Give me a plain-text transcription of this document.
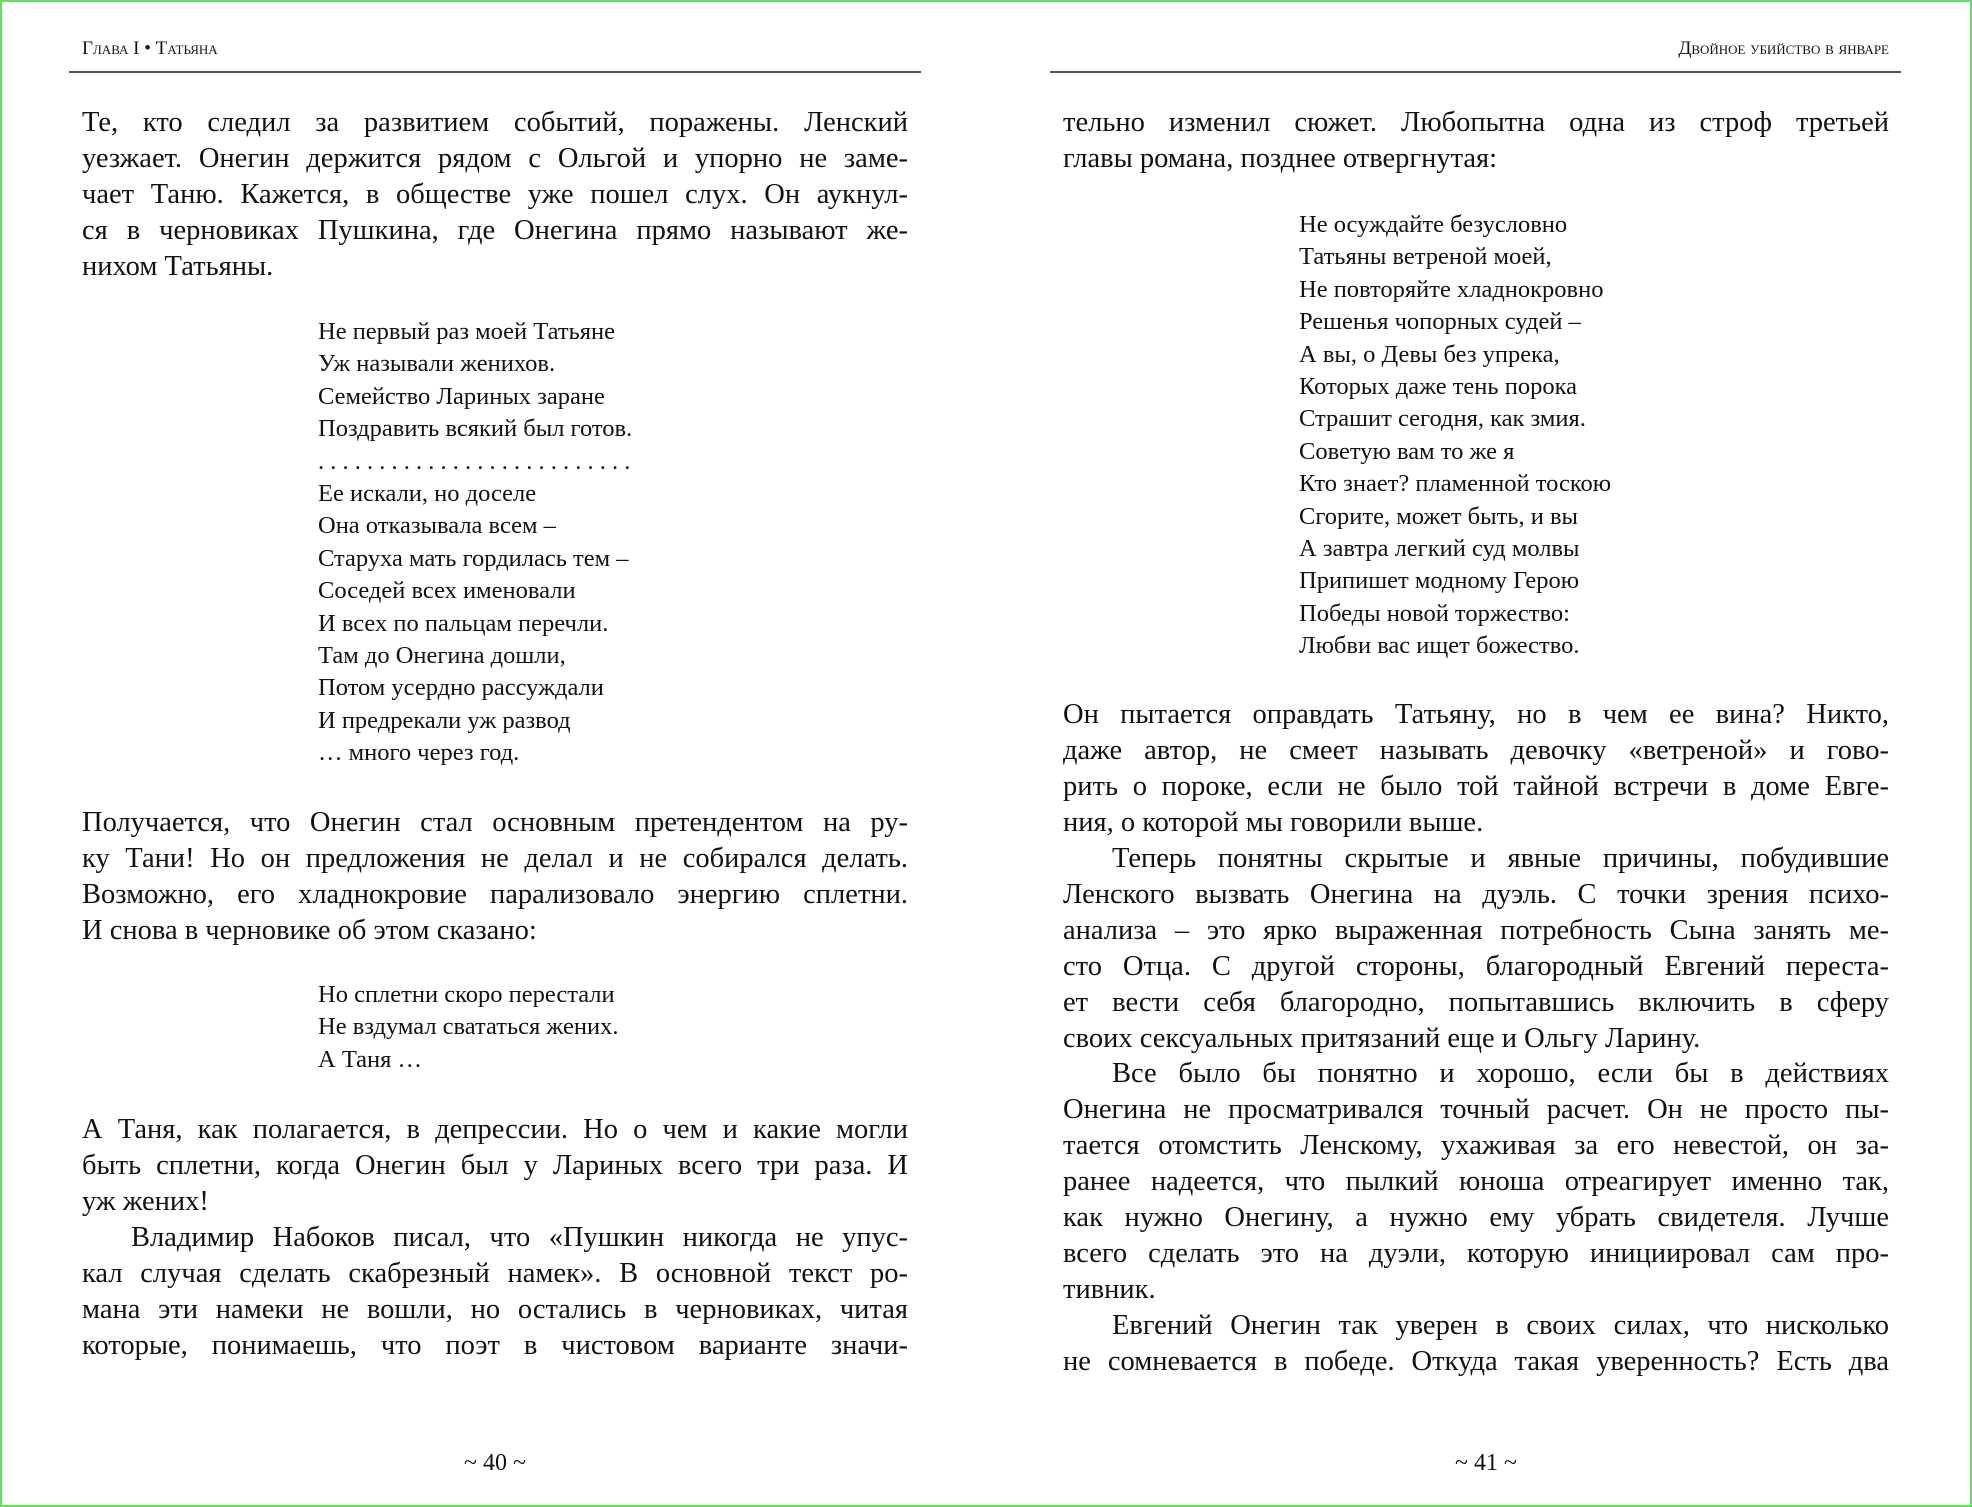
Глава I • Татьяна
Те, кто следил за развитием событий, поражены. Ленский
уезжает. Онегин держится рядом с Ольгой и упорно не заме-
чает Таню. Кажется, в обществе уже пошел слух. Он аукнул-
ся в черновиках Пушкина, где Онегина прямо называют же-
нихом Татьяны.
Не первый раз моей Татьяне
Уж называли женихов.
Семейство Лариных заране
Поздравить всякий был готов.
. . . . . . . . . . . . . . . . . . . . . . . . . .
Ее искали, но доселе
Она отказывала всем –
Старуха мать гордилась тем –
Соседей всех именовали
И всех по пальцам перечли.
Там до Онегина дошли,
Потом усердно рассуждали
И предрекали уж развод
… много через год.
Получается, что Онегин стал основным претендентом на ру-
ку Тани! Но он предложения не делал и не собирался делать.
Возможно, его хладнокровие парализовало энергию сплетни.
И снова в черновике об этом сказано:
Но сплетни скоро перестали
Не вздумал свататься жених.
А Таня …
А Таня, как полагается, в депрессии. Но о чем и какие могли
быть сплетни, когда Онегин был у Лариных всего три раза. И
уж жених!
Владимир Набоков писал, что «Пушкин никогда не упус-
кал случая сделать скабрезный намек». В основной текст ро-
мана эти намеки не вошли, но остались в черновиках, читая
которые, понимаешь, что поэт в чистовом варианте значи-
~ 40 ~
Двойное убийство в январе
тельно изменил сюжет. Любопытна одна из строф третьей
главы романа, позднее отвергнутая:
Не осуждайте безусловно
Татьяны ветреной моей,
Не повторяйте хладнокровно
Решенья чопорных судей –
А вы, о Девы без упрека,
Которых даже тень порока
Страшит сегодня, как змия.
Советую вам то же я
Кто знает? пламенной тоскою
Сгорите, может быть, и вы
А завтра легкий суд молвы
Припишет модному Герою
Победы новой торжество:
Любви вас ищет божество.
Он пытается оправдать Татьяну, но в чем ее вина? Никто,
даже автор, не смеет называть девочку «ветреной» и гово-
рить о пороке, если не было той тайной встречи в доме Евге-
ния, о которой мы говорили выше.
Теперь понятны скрытые и явные причины, побудившие
Ленского вызвать Онегина на дуэль. С точки зрения психо-
анализа – это ярко выраженная потребность Сына занять ме-
сто Отца. С другой стороны, благородный Евгений переста-
ет вести себя благородно, попытавшись включить в сферу
своих сексуальных притязаний еще и Ольгу Ларину.
Все было бы понятно и хорошо, если бы в действиях
Онегина не просматривался точный расчет. Он не просто пы-
тается отомстить Ленскому, ухаживая за его невестой, он за-
ранее надеется, что пылкий юноша отреагирует именно так,
как нужно Онегину, а нужно ему убрать свидетеля. Лучше
всего сделать это на дуэли, которую инициировал сам про-
тивник.
Евгений Онегин так уверен в своих силах, что нисколько
не сомневается в победе. Откуда такая уверенность? Есть два
~ 41 ~
